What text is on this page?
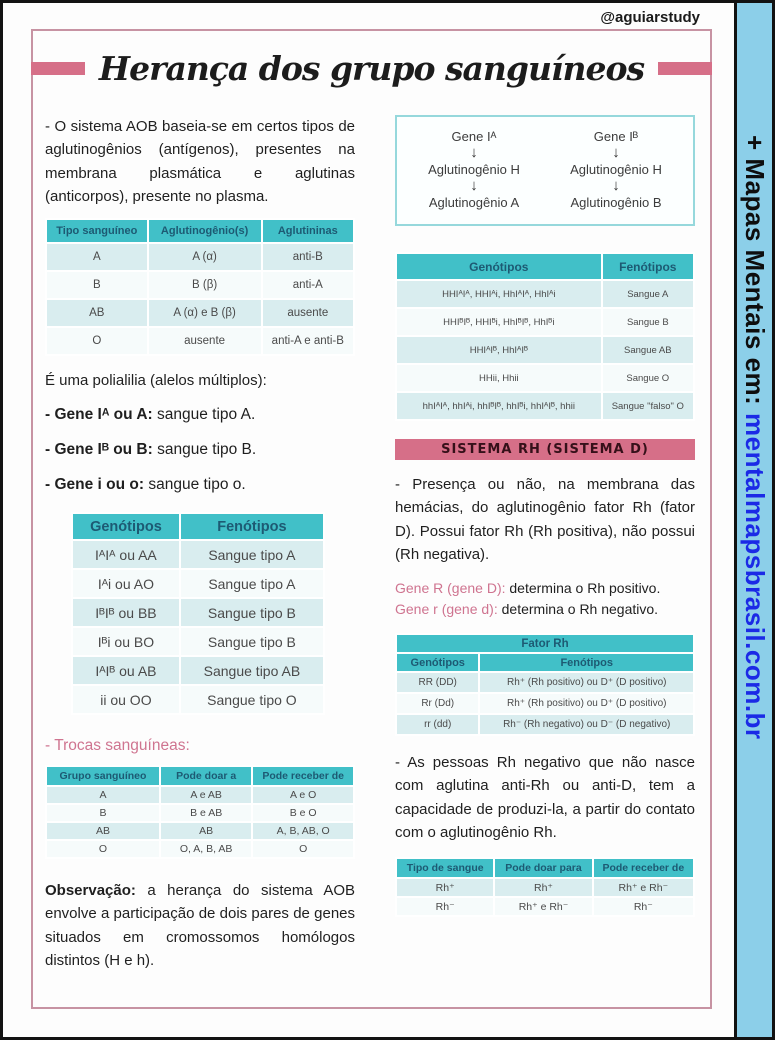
@aguiarstudy
Herança dos grupo sanguíneos

- O sistema AOB baseia-se em certos tipos de aglutinogênios (antígenos), presentes na membrana plasmática e aglutinas (anticorpos), presente no plasma.

Tipo sanguíneo	Aglutinogênio(s)	Aglutininas
A	A (α)	anti-B
B	B (β)	anti-A
AB	A (α) e B (β)	ausente
O	ausente	anti-A e anti-B
É uma polialilia (alelos múltiplos):
- Gene Iᴬ ou A: sangue tipo A.
- Gene Iᴮ ou B: sangue tipo B.
- Gene i ou o: sangue tipo o.
Genótipos	Fenótipos
IᴬIᴬ ou AA	Sangue tipo A
Iᴬi ou AO	Sangue tipo A
IᴮIᴮ ou BB	Sangue tipo B
Iᴮi ou BO	Sangue tipo B
IᴬIᴮ ou AB	Sangue tipo AB
ii ou OO	Sangue tipo O
- Trocas sanguíneas:
Grupo sanguíneo	Pode doar a	Pode receber de
A	A e AB	A e O
B	B e AB	B e O
AB	AB	A, B, AB, O
O	O, A, B, AB	O

Observação: a herança do sistema AOB envolve a participação de dois pares de genes situados em cromossomos homólogos distintos (H e h).

Gene Iᴬ
↓
Aglutinogênio H
↓
Aglutinogênio A
Gene Iᴮ
↓
Aglutinogênio H
↓
Aglutinogênio B
Genótipos	Fenótipos
HHIᴬIᴬ, HHIᴬi, HhIᴬIᴬ, HhIᴬi	Sangue A
HHIᴮIᴮ, HHIᴮi, HhIᴮIᴮ, HhIᴮi	Sangue B
HHIᴬIᴮ, HhIᴬIᴮ	Sangue AB
HHii, Hhii	Sangue O
hhIᴬIᴬ, hhIᴬi, hhIᴮIᴮ, hhIᴮi, hhIᴬIᴮ, hhii	Sangue "falso" O
SISTEMA RH (SISTEMA D)

- Presença ou não, na membrana das hemácias, do aglutinogênio fator Rh (fator D). Possui fator Rh (Rh positiva), não possui (Rh negativa).

Gene R (gene D): determina o Rh positivo.
Gene r (gene d): determina o Rh negativo.
Fator Rh	
Genótipos	Fenótipos
RR (DD)	Rh⁺ (Rh positivo) ou D⁺ (D positivo)
Rr (Dd)	Rh⁺ (Rh positivo) ou D⁺ (D positivo)
rr (dd)	Rh⁻ (Rh negativo) ou D⁻ (D negativo)

- As pessoas Rh negativo que não nasce com aglutina anti-Rh ou anti-D, tem a capacidade de produzi-la, a partir do contato com o aglutinogênio Rh.

Tipo de sangue	Pode doar para	Pode receber de
Rh⁺	Rh⁺	Rh⁺ e Rh⁻
Rh⁻	Rh⁺ e Rh⁻	Rh⁻
+ Mapas Mentais em: mentalmapsbrasil.com.br
